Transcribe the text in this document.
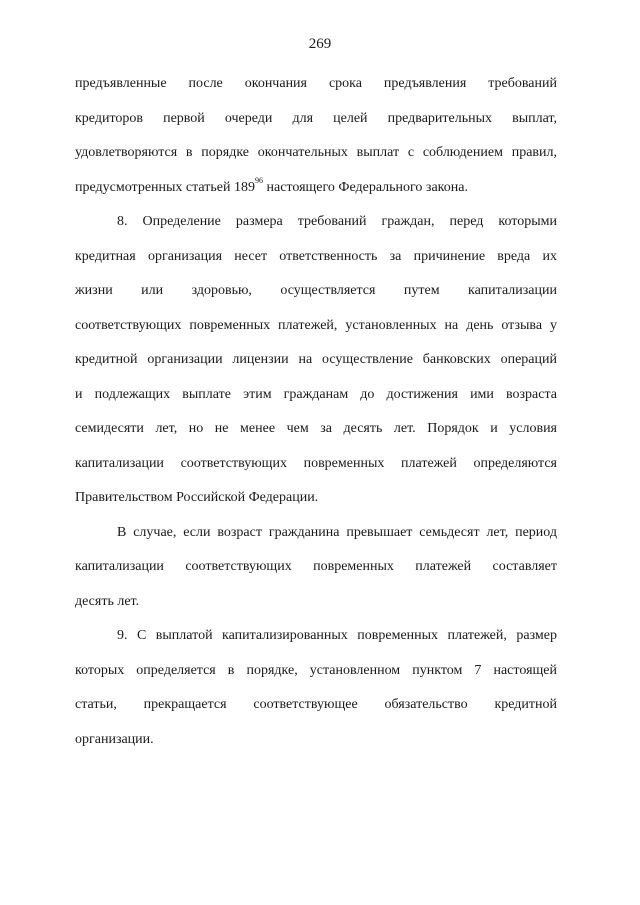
269
предъявленные после окончания срока предъявления требований
кредиторов первой очереди для целей предварительных выплат,
удовлетворяются в порядке окончательных выплат с соблюдением правил,
предусмотренных статьей $189^{96}$ настоящего Федерального закона.
8. Определение размера требований граждан, перед которыми
кредитная организация несет ответственность за причинение вреда их
жизни или здоровью, осуществляется путем капитализации
соответствующих повременных платежей, установленных на день отзыва у
кредитной организации лицензии на осуществление банковских операций
и подлежащих выплате этим гражданам до достижения ими возраста
семидесяти лет, но не менее чем за десять лет. Порядок и условия
капитализации соответствующих повременных платежей определяются
Правительством Российской Федерации.
В случае, если возраст гражданина превышает семьдесят лет, период
капитализации соответствующих повременных платежей составляет
десять лет.
9. С выплатой капитализированных повременных платежей, размер
которых определяется в порядке, установленном пунктом 7 настоящей
статьи, прекращается соответствующее обязательство кредитной
организации.
